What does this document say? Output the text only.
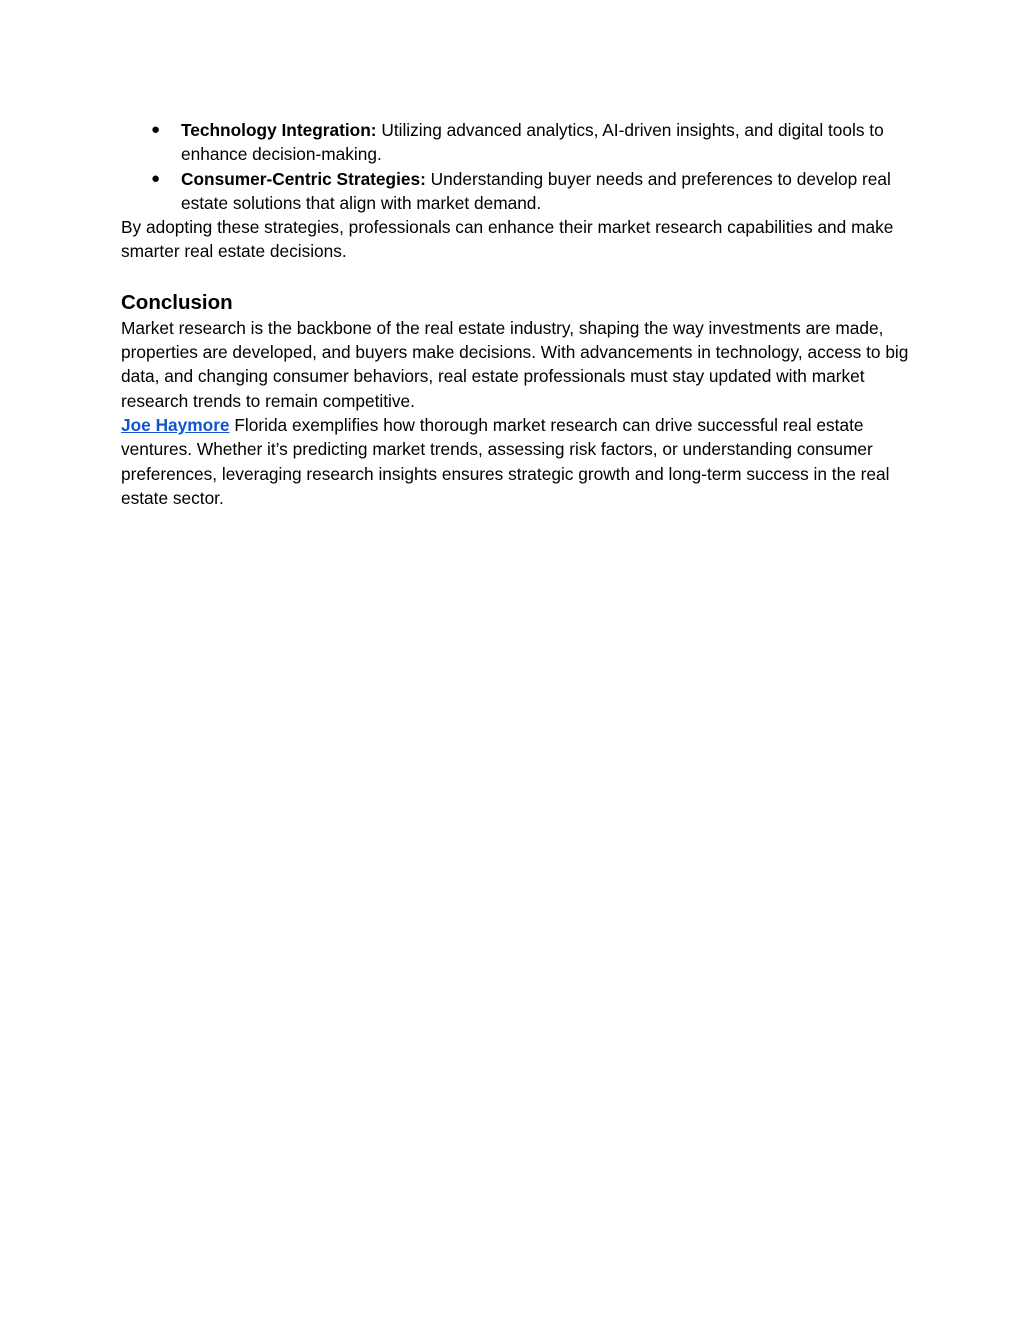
● Technology Integration: Utilizing advanced analytics, AI-driven insights, and digital tools to enhance decision-making.
● Consumer-Centric Strategies: Understanding buyer needs and preferences to develop real estate solutions that align with market demand.

By adopting these strategies, professionals can enhance their market research capabilities and make smarter real estate decisions.

Conclusion

Market research is the backbone of the real estate industry, shaping the way investments are made, properties are developed, and buyers make decisions. With advancements in technology, access to big data, and changing consumer behaviors, real estate professionals must stay updated with market research trends to remain competitive.

Joe Haymore Florida exemplifies how thorough market research can drive successful real estate ventures. Whether it’s predicting market trends, assessing risk factors, or understanding consumer preferences, leveraging research insights ensures strategic growth and long-term success in the real estate sector.
